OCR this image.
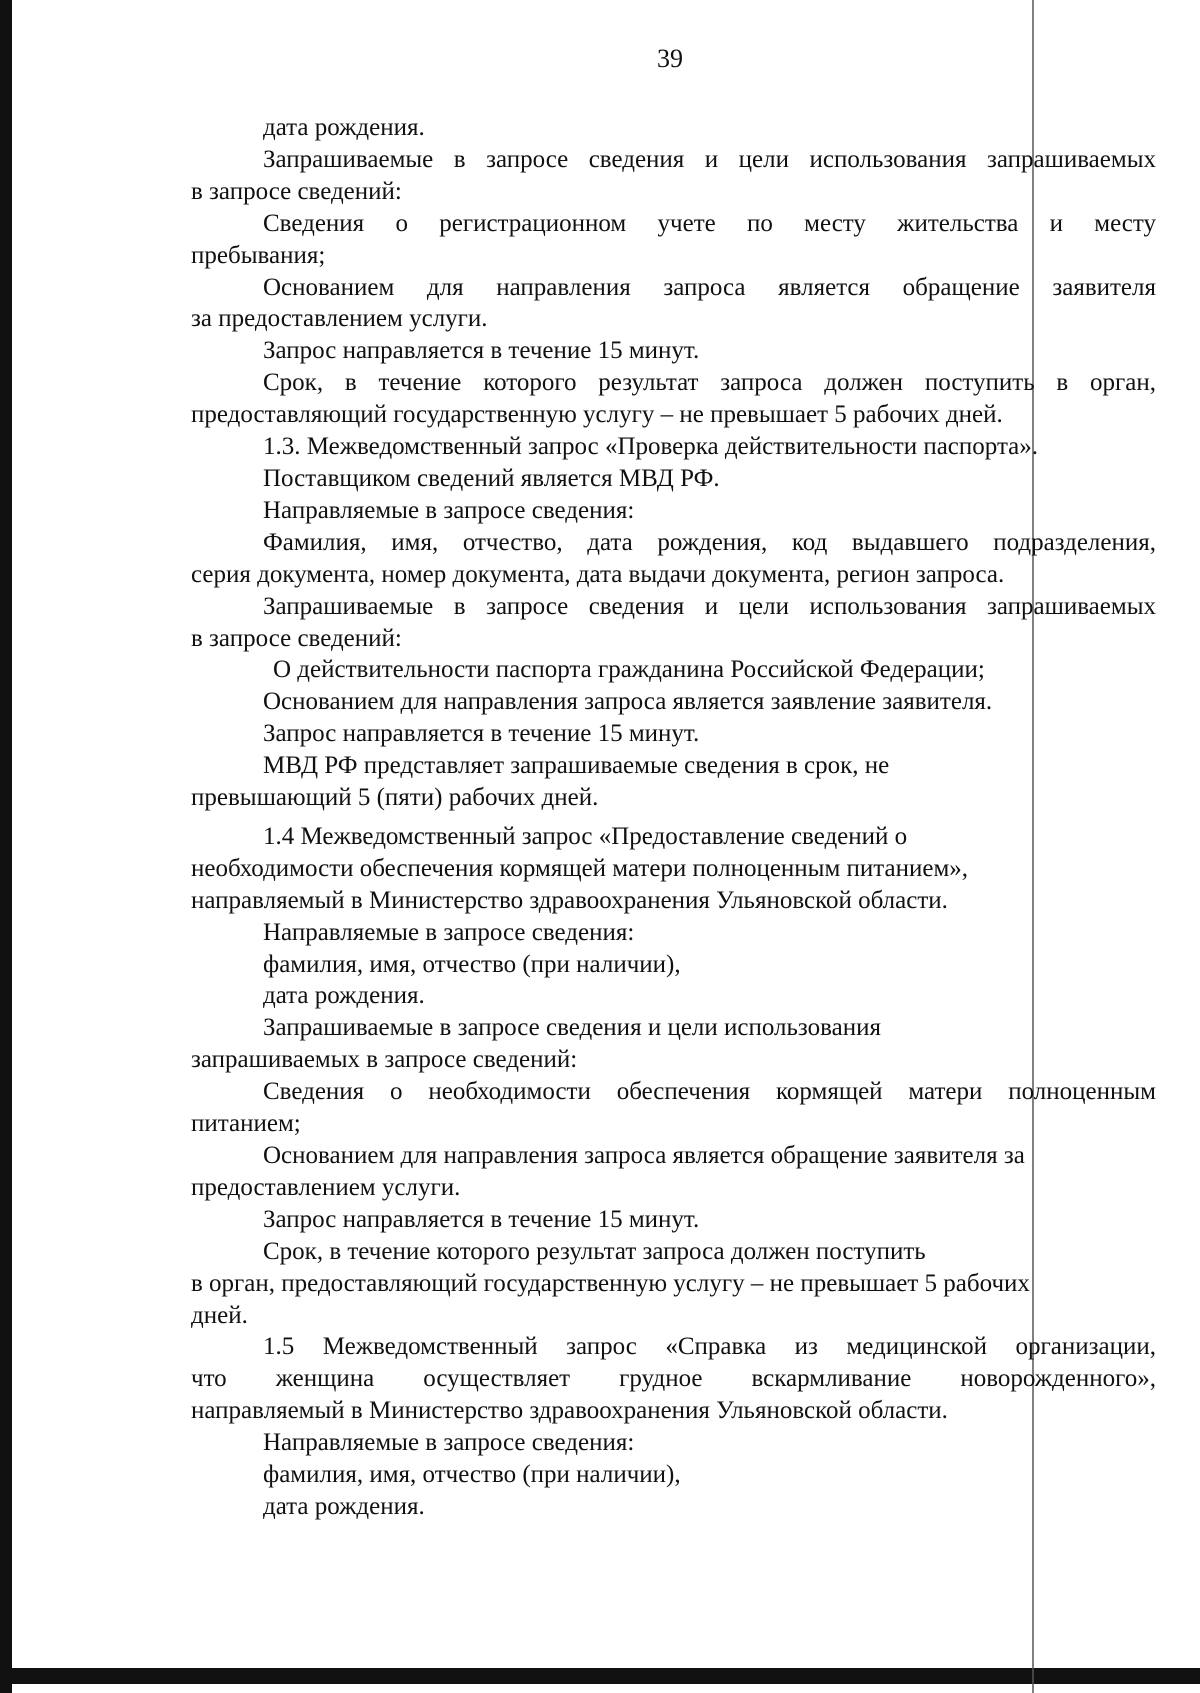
39

дата рождения.

Запрашиваемые в запросе сведения и цели использования запрашиваемых

в запросе сведений:

Сведения о регистрационном учете по месту жительства и месту

пребывания;

Основанием для направления запроса является обращение заявителя

за предоставлением услуги.

Запрос направляется в течение 15 минут.

Срок, в течение которого результат запроса должен поступить в орган,

предоставляющий государственную услугу – не превышает 5 рабочих дней.

1.3. Межведомственный запрос «Проверка действительности паспорта».

Поставщиком сведений является МВД РФ.

Направляемые в запросе сведения:

Фамилия, имя, отчество, дата рождения, код выдавшего подразделения,

серия документа, номер документа, дата выдачи документа, регион запроса.

Запрашиваемые в запросе сведения и цели использования запрашиваемых

в запросе сведений:

О действительности паспорта гражданина Российской Федерации;

Основанием для направления запроса является заявление заявителя.

Запрос направляется в течение 15 минут.

МВД РФ представляет запрашиваемые сведения в срок, не

превышающий 5 (пяти) рабочих дней.

1.4 Межведомственный запрос «Предоставление сведений о

необходимости обеспечения кормящей матери полноценным питанием»,

направляемый в Министерство здравоохранения Ульяновской области.

Направляемые в запросе сведения:

фамилия, имя, отчество (при наличии),

дата рождения.

Запрашиваемые в запросе сведения и цели использования

запрашиваемых в запросе сведений:

Сведения о необходимости обеспечения кормящей матери полноценным

питанием;

Основанием для направления запроса является обращение заявителя за

предоставлением услуги.

Запрос направляется в течение 15 минут.

Срок, в течение которого результат запроса должен поступить

в орган, предоставляющий государственную услугу – не превышает 5 рабочих

дней.

1.5 Межведомственный запрос «Справка из медицинской организации,

что женщина осуществляет грудное вскармливание новорожденного»,

направляемый в Министерство здравоохранения Ульяновской области.

Направляемые в запросе сведения:

фамилия, имя, отчество (при наличии),

дата рождения.
